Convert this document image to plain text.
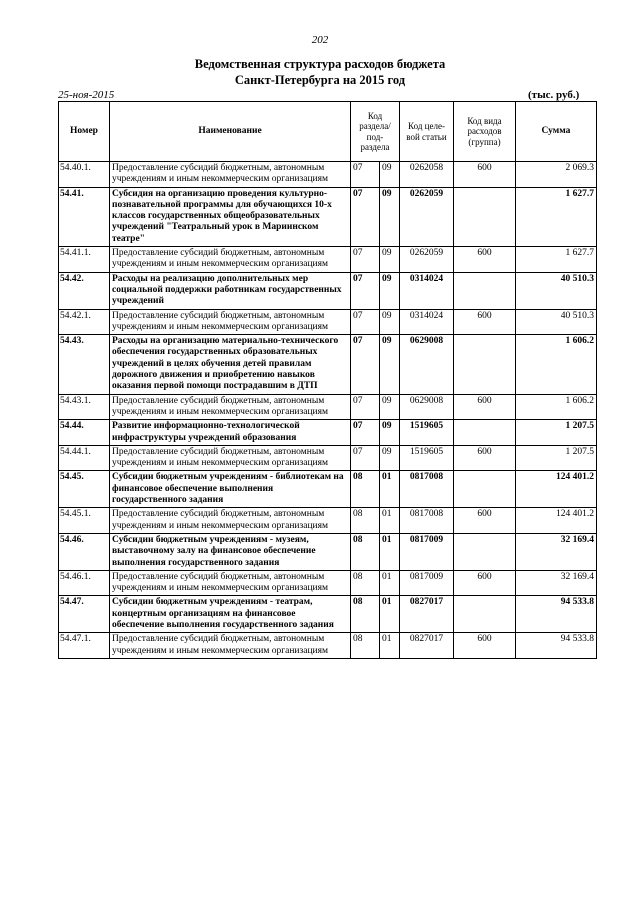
202
Ведомственная структура расходов бюджета
Санкт-Петербурга на 2015 год
25-ноя-2015	(тыс. руб.)
Номер	Наименование	Код раздела/ под-раздела		Код целе-вой статьи	Код вида расходов (группа)	Сумма
54.40.1.	Предоставление субсидий бюджетным, автономным учреждениям и иным некоммерческим организациям	07	09	0262058	600	2 069.3
54.41.	Субсидия на организацию проведения культурно-познавательной программы для обучающихся 10-х классов государственных общеобразовательных учреждений "Театральный урок в Мариинском театре"	07	09	0262059		1 627.7
54.41.1.	Предоставление субсидий бюджетным, автономным учреждениям и иным некоммерческим организациям	07	09	0262059	600	1 627.7
54.42.	Расходы на реализацию дополнительных мер социальной поддержки работникам государственных учреждений	07	09	0314024		40 510.3
54.42.1.	Предоставление субсидий бюджетным, автономным учреждениям и иным некоммерческим организациям	07	09	0314024	600	40 510.3
54.43.	Расходы на организацию материально-технического обеспечения государственных образовательных учреждений в целях обучения детей правилам дорожного движения и приобретению навыков оказания первой помощи пострадавшим в ДТП	07	09	0629008		1 606.2
54.43.1.	Предоставление субсидий бюджетным, автономным учреждениям и иным некоммерческим организациям	07	09	0629008	600	1 606.2
54.44.	Развитие информационно-технологической инфраструктуры учреждений образования	07	09	1519605		1 207.5
54.44.1.	Предоставление субсидий бюджетным, автономным учреждениям и иным некоммерческим организациям	07	09	1519605	600	1 207.5
54.45.	Субсидии бюджетным учреждениям - библиотекам на финансовое обеспечение выполнения государственного задания	08	01	0817008		124 401.2
54.45.1.	Предоставление субсидий бюджетным, автономным учреждениям и иным некоммерческим организациям	08	01	0817008	600	124 401.2
54.46.	Субсидии бюджетным учреждениям - музеям, выставочному залу на финансовое обеспечение выполнения государственного задания	08	01	0817009		32 169.4
54.46.1.	Предоставление субсидий бюджетным, автономным учреждениям и иным некоммерческим организациям	08	01	0817009	600	32 169.4
54.47.	Субсидии бюджетным учреждениям - театрам, концертным организациям на финансовое обеспечение выполнения государственного задания	08	01	0827017		94 533.8
54.47.1.	Предоставление субсидий бюджетным, автономным учреждениям и иным некоммерческим организациям	08	01	0827017	600	94 533.8
